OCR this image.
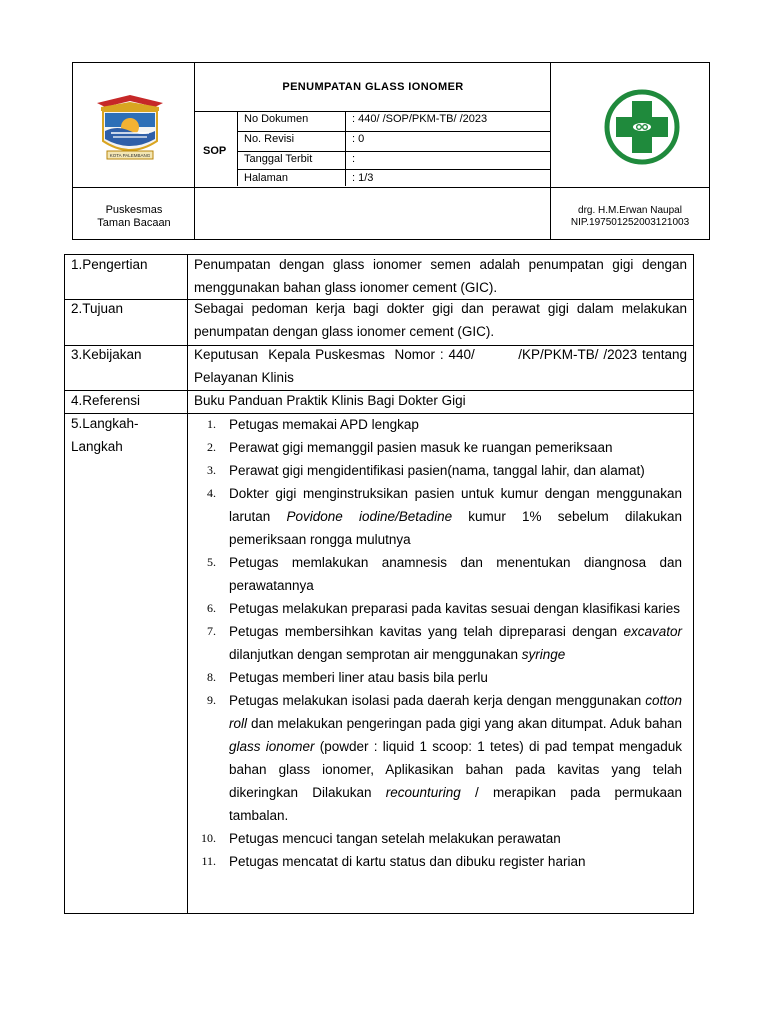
KOTA PALEMBANG
PENUMPATAN GLASS IONOMER
SOP
No Dokumen	: 440/ /SOP/PKM-TB/ /2023
No. Revisi	: 0
Tanggal Terbit	:
Halaman	: 1/3
Puskesmas
Taman Bacaan
drg. H.M.Erwan Naupal
NIP.197501252003121003
1.Pengertian	Penumpatan dengan glass ionomer semen adalah penumpatan gigi dengan menggunakan bahan glass ionomer cement (GIC).
2.Tujuan	Sebagai pedoman kerja bagi dokter gigi dan perawat gigi dalam melakukan penumpatan dengan glass ionomer cement (GIC).
3.Kebijakan	Keputusan  Kepala Puskesmas  Nomor : 440/         /KP/PKM-TB/ /2023 tentang  Pelayanan Klinis
4.Referensi	Buku Panduan Praktik Klinis Bagi Dokter Gigi
5.Langkah-Langkah
1. Petugas memakai APD lengkap
2. Perawat gigi memanggil pasien masuk ke ruangan pemeriksaan
3. Perawat gigi mengidentifikasi pasien(nama, tanggal lahir, dan alamat)
4. Dokter gigi menginstruksikan pasien untuk kumur dengan menggunakan larutan Povidone iodine/Betadine kumur 1% sebelum dilakukan pemeriksaan rongga mulutnya
5. Petugas memlakukan anamnesis dan menentukan diangnosa dan perawatannya
6. Petugas melakukan preparasi pada kavitas sesuai dengan klasifikasi karies
7. Petugas membersihkan kavitas yang telah dipreparasi dengan excavator dilanjutkan dengan semprotan air menggunakan syringe
8. Petugas memberi liner atau basis bila perlu
9. Petugas melakukan isolasi pada daerah kerja dengan menggunakan cotton roll dan melakukan pengeringan pada gigi yang akan ditumpat. Aduk bahan glass ionomer (powder : liquid 1 scoop: 1 tetes) di pad tempat mengaduk bahan glass ionomer, Aplikasikan bahan pada kavitas yang telah dikeringkan Dilakukan recounturing / merapikan pada permukaan tambalan.
10. Petugas mencuci tangan setelah melakukan perawatan
11. Petugas mencatat di kartu status dan dibuku register harian
